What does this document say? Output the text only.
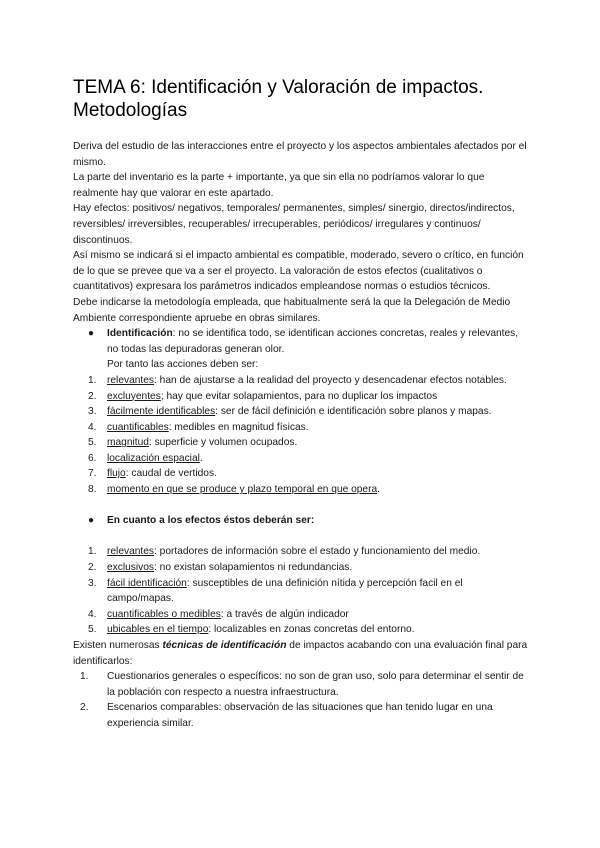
TEMA 6: Identificación y Valoración de impactos. Metodologías

Deriva del estudio de las interacciones entre el proyecto y los aspectos ambientales afectados por el mismo.

La parte del inventario es la parte + importante, ya que sin ella no podríamos valorar lo que realmente hay que valorar en este apartado.

Hay efectos: positivos/ negativos, temporales/ permanentes, simples/ sinergio, directos/indirectos, reversibles/ irreversibles, recuperables/ irrecuperables, periódicos/ irregulares y continuos/ discontinuos.

Así mismo se indicará si el impacto ambiental es compatible, moderado, severo o crítico, en función de lo que se prevee que va a ser el proyecto. La valoración de estos efectos (cualitativos o cuantitativos) expresara los parámetros indicados empleandose normas o estudios técnicos.

Debe indicarse la metodología empleada, que habitualmente será la que la Delegación de Medio Ambiente correspondiente apruebe en obras similares.

● Identificación: no se identifica todo, se identifican acciones concretas, reales y relevantes, no todas las depuradoras generan olor.

Por tanto las acciones deben ser:

1.	relevantes: han de ajustarse a la realidad del proyecto y desencadenar efectos notables.
2.	excluyentes; hay que evitar solapamientos, para no duplicar los impactos
3.	fácilmente identificables: ser de fácil definición e identificación sobre planos y mapas.
4.	cuantificables: medibles en magnitud físicas.
5.	magnitud: superficie y volumen ocupados.
6.	localización espacial.
7.	flujo: caudal de vertidos.
8.	momento en que se produce y plazo temporal en que opera.
● En cuanto a los efectos éstos deberán ser:
1.	relevantes: portadores de información sobre el estado y funcionamiento del medio.
2.	exclusivos: no existan solapamientos ni redundancias.
3.	fácil identificación: susceptibles de una definición nítida y percepción facil en el campo/mapas.
4.	cuantificables o medibles: a través de algún indicador
5.	ubicables en el tiempo: localizables en zonas concretas del entorno.

Existen numerosas técnicas de identificación de impactos acabando con una evaluación final para identificarlos:

1.	Cuestionarios generales o específicos: no son de gran uso, solo para determinar el sentir de la población con respecto a nuestra infraestructura.
2.	Escenarios comparables: observación de las situaciones que han tenido lugar en una experiencia similar.
